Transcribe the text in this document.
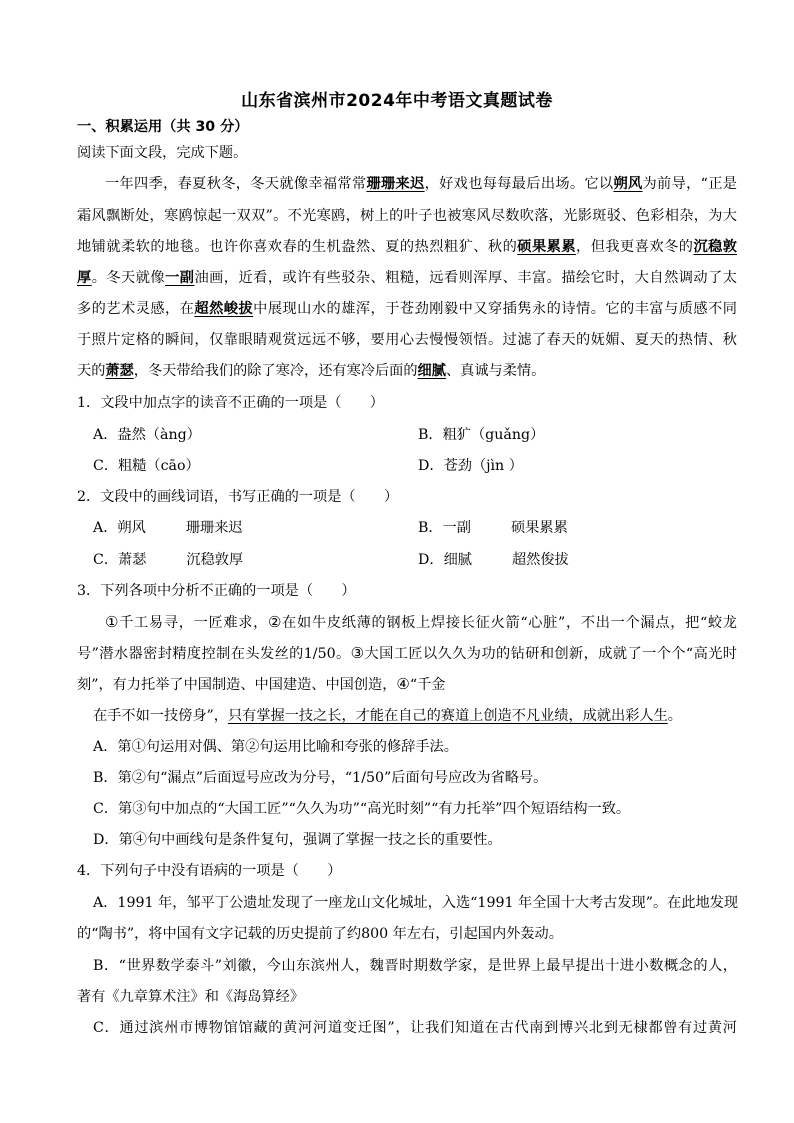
山东省滨州市2024年中考语文真题试卷
一、积累运用（共 30 分）
阅读下面文段，完成下题。
一年四季，春夏秋冬，冬天就像幸福常常珊珊来迟，好戏也每每最后出场。它以朔风为前导，“正是
霜风飘断处，寒鸥惊起一双双”。不光寒鸥，树上的叶子也被寒风尽数吹落，光影斑驳、色彩相杂，为大
地铺就柔软的地毯。也许你喜欢春的生机盎然、夏的热烈粗犷、秋的硕果累累，但我更喜欢冬的沉稳敦
厚。冬天就像一副油画，近看，或许有些驳杂、粗糙，远看则浑厚、丰富。描绘它时，大自然调动了太
多的艺术灵感，在超然峻拔中展现山水的雄浑，于苍劲刚毅中又穿插隽永的诗情。它的丰富与质感不同
于照片定格的瞬间，仅靠眼睛观赏远远不够，要用心去慢慢领悟。过滤了春天的妩媚、夏天的热情、秋
天的萧瑟，冬天带给我们的除了寒冷，还有寒冷后面的细腻、真诚与柔情。
1．文段中加点字的读音不正确的一项是（　　）
A．盎然（àng）	B．粗犷（guǎng）
C．粗糙（cāo）	D．苍劲（jìn ）
2．文段中的画线词语，书写正确的一项是（　　）
A．朔风	珊珊来迟	B．一副	硕果累累
C．萧瑟	沉稳敦厚	D．细腻	超然俊拔
3．下列各项中分析不正确的一项是（　　）
①千工易寻，一匠难求，②在如牛皮纸薄的钢板上焊接长征火箭“心脏”，不出一个漏点，把“蛟龙
号”潜水器密封精度控制在头发丝的1/50。③大国工匠以久久为功的钻研和创新，成就了一个个“高光时
刻”，有力托举了中国制造、中国建造、中国创造，④“千金
在手不如一技傍身”，只有掌握一技之长，才能在自己的赛道上创造不凡业绩，成就出彩人生。
A．第①句运用对偶、第②句运用比喻和夸张的修辞手法。
B．第②句“漏点”后面逗号应改为分号，“1/50”后面句号应改为省略号。
C．第③句中加点的“大国工匠”“久久为功”“高光时刻”“有力托举”四个短语结构一致。
D．第④句中画线句是条件复句，强调了掌握一技之长的重要性。
4．下列句子中没有语病的一项是（　　）
A．1991 年，邹平丁公遗址发现了一座龙山文化城址，入选“1991 年全国十大考古发现”。在此地发现
的“陶书”，将中国有文字记载的历史提前了约800 年左右，引起国内外轰动。
B．“世界数学泰斗”刘徽，今山东滨州人，魏晋时期数学家，是世界上最早提出十进小数概念的人，
著有《九章算术注》和《海岛算经》
C．通过滨州市博物馆馆藏的黄河河道变迁图”，让我们知道在古代南到博兴北到无棣都曾有过黄河
